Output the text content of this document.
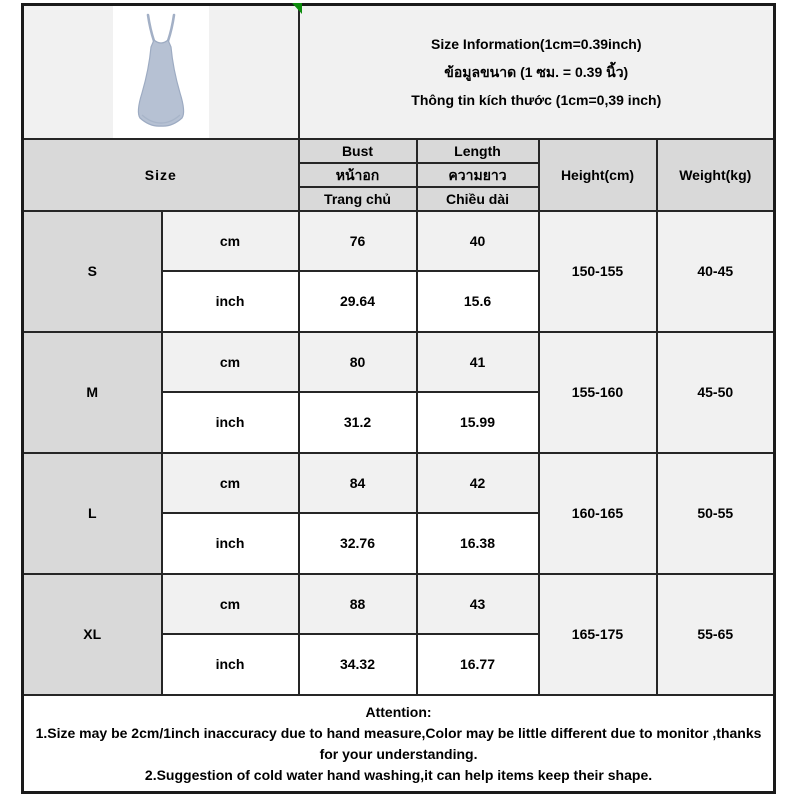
Size Information(1cm=0.39inch)
ข้อมูลขนาด (1 ซม. = 0.39 นิ้ว)
Thông tin kích thước (1cm=0,39 inch)			

Size		Bust	Length	Height(cm)	Weight(kg)
		หน้าอก	ความยาว		
		Trang chủ	Chiều dài		
S	cm	76	40	150-155	40-45
	inch	29.64	15.6		
M	cm	80	41	155-160	45-50
	inch	31.2	15.99		
L	cm	84	42	160-165	50-55
	inch	32.76	16.38		
XL	cm	88	43	165-175	55-65
	inch	34.32	16.77		

Attention:
1.Size may be 2cm/1inch inaccuracy due to hand measure,Color may be little different due to monitor ,thanks for your understanding.
2.Suggestion of cold water hand washing,it can help items keep their shape.					
